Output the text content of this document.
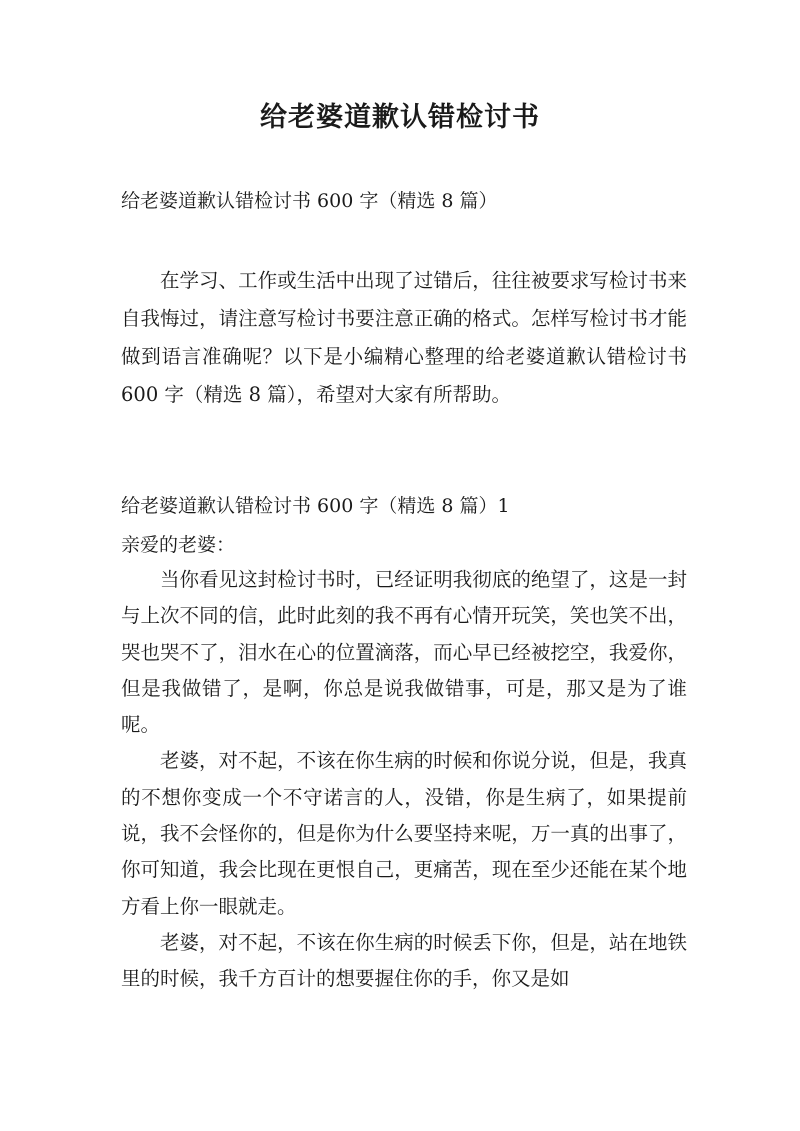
给老婆道歉认错检讨书
给老婆道歉认错检讨书 600 字（精选 8 篇）

在学习、工作或生活中出现了过错后，往往被要求写检讨书来自我悔过，请注意写检讨书要注意正确的格式。怎样写检讨书才能做到语言准确呢？以下是小编精心整理的给老婆道歉认错检讨书 600 字（精选 8 篇），希望对大家有所帮助。

给老婆道歉认错检讨书 600 字（精选 8 篇）1
亲爱的老婆：

当你看见这封检讨书时，已经证明我彻底的绝望了，这是一封与上次不同的信，此时此刻的我不再有心情开玩笑，笑也笑不出，哭也哭不了，泪水在心的位置滴落，而心早已经被挖空，我爱你，但是我做错了，是啊，你总是说我做错事，可是，那又是为了谁呢。

老婆，对不起，不该在你生病的时候和你说分说，但是，我真的不想你变成一个不守诺言的人，没错，你是生病了，如果提前说，我不会怪你的，但是你为什么要坚持来呢，万一真的出事了，你可知道，我会比现在更恨自己，更痛苦，现在至少还能在某个地方看上你一眼就走。

老婆，对不起，不该在你生病的时候丢下你，但是，站在地铁里的时候，我千方百计的想要握住你的手，你又是如
